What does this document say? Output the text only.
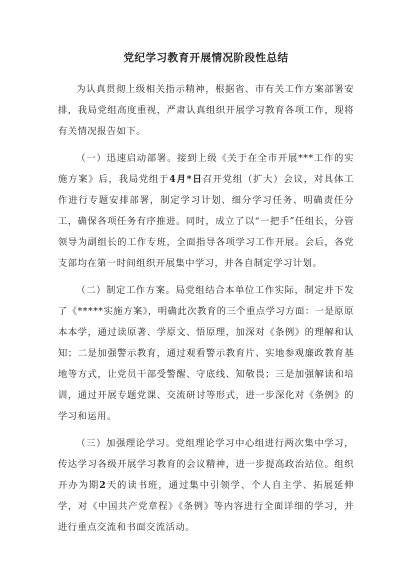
党纪学习教育开展情况阶段性总结

为认真贯彻上级相关指示精神，根据省、市有关工作方案部署安排，我局党组高度重视，严肃认真组织开展学习教育各项工作，现将有关情况报告如下。

（一）迅速启动部署。接到上级《关于在全市开展***工作的实施方案》后，我局党组于4月*日召开党组（扩大）会议，对具体工作进行专题安排部署，制定学习计划、细分学习任务、明确责任分工，确保各项任务有序推进。同时，成立了以“一把手”任组长，分管领导为副组长的工作专班，全面指导各项学习工作开展。会后，各党支部均在第一时间组织开展集中学习，并各自制定学习计划。

（二）制定工作方案。局党组结合本单位工作实际，制定并下发了《*****实施方案》，明确此次教育的三个重点学习方面：一是原原本本学，通过读原著、学原文、悟原理，加深对《条例》的理解和认知；二是加强警示教育，通过观看警示教育片、实地参观廉政教育基地等方式，让党员干部受警醒、守底线、知敬畏；三是加强解读和培训，通过开展专题党课、交流研讨等形式，进一步深化对《条例》的学习和运用。

（三）加强理论学习。党组理论学习中心组进行两次集中学习，传达学习各级开展学习教育的会议精神，进一步提高政治站位。组织开办为期2天的读书班，通过集中引领学、个人自主学、拓展延伸学，对《中国共产党章程》《条例》等内容进行全面详细的学习，并进行重点交流和书面交流活动。
